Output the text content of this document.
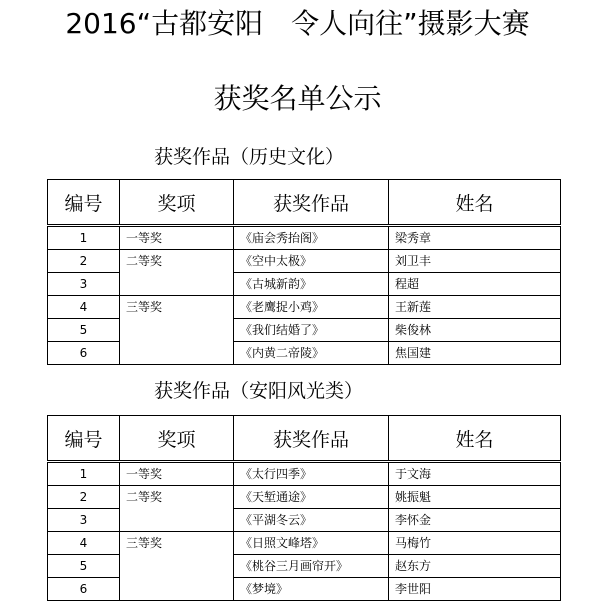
2016“古都安阳　令人向往”摄影大赛
获奖名单公示
获奖作品（历史文化）
编号	奖项	获奖作品	姓名
1	一等奖	《庙会秀抬阁》	梁秀章
2	二等奖	《空中太极》	刘卫丰
3		《古城新韵》	程超
4	三等奖	《老鹰捉小鸡》	王新莲
5		《我们结婚了》	柴俊林
6		《内黄二帝陵》	焦国建
获奖作品（安阳风光类）
编号	奖项	获奖作品	姓名
1	一等奖	《太行四季》	于文海
2	二等奖	《天堑通途》	姚振魁
3		《平湖冬云》	李怀金
4	三等奖	《日照文峰塔》	马梅竹
5		《桃谷三月画帘开》	赵东方
6		《梦境》	李世阳
